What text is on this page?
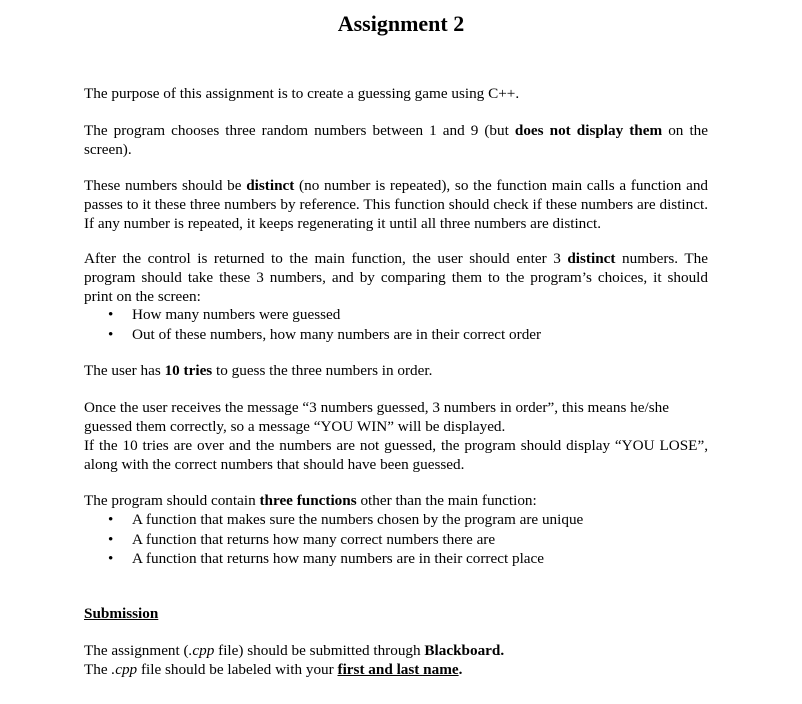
Assignment 2
The purpose of this assignment is to create a guessing game using C++.
The program chooses three random numbers between 1 and 9 (but does not display them on the screen).
These numbers should be distinct (no number is repeated), so the function main calls a function and passes to it these three numbers by reference. This function should check if these numbers are distinct. If any number is repeated, it keeps regenerating it until all three numbers are distinct.
After the control is returned to the main function, the user should enter 3 distinct numbers. The program should take these 3 numbers, and by comparing them to the program’s choices, it should print on the screen:
• How many numbers were guessed
• Out of these numbers, how many numbers are in their correct order
The user has 10 tries to guess the three numbers in order.
Once the user receives the message “3 numbers guessed, 3 numbers in order”, this means he/she guessed them correctly, so a message “YOU WIN” will be displayed.
If the 10 tries are over and the numbers are not guessed, the program should display “YOU LOSE”, along with the correct numbers that should have been guessed.
The program should contain three functions other than the main function:
• A function that makes sure the numbers chosen by the program are unique
• A function that returns how many correct numbers there are
• A function that returns how many numbers are in their correct place
Submission
The assignment (.cpp file) should be submitted through Blackboard.
The .cpp file should be labeled with your first and last name.
